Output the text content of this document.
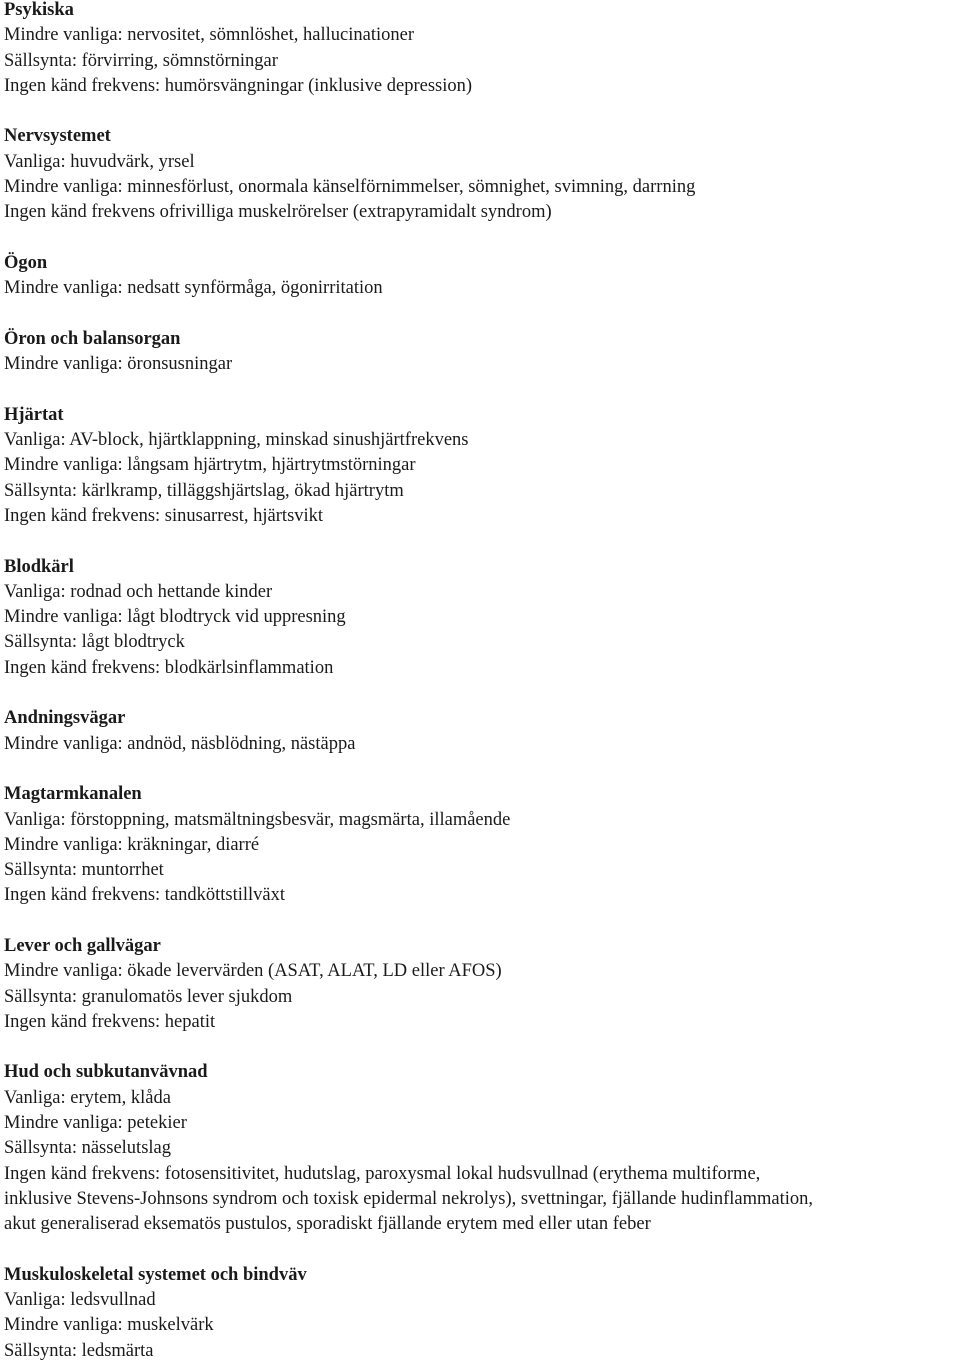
Psykiska
Mindre vanliga: nervositet, sömnlöshet, hallucinationer
Sällsynta: förvirring, sömnstörningar
Ingen känd frekvens: humörsvängningar (inklusive depression)
Nervsystemet
Vanliga: huvudvärk, yrsel
Mindre vanliga: minnesförlust, onormala känselförnimmelser, sömnighet, svimning, darrning
Ingen känd frekvens ofrivilliga muskelrörelser (extrapyramidalt syndrom)
Ögon
Mindre vanliga: nedsatt synförmåga, ögonirritation
Öron och balansorgan
Mindre vanliga: öronsusningar
Hjärtat
Vanliga: AV-block, hjärtklappning, minskad sinushjärtfrekvens
Mindre vanliga: långsam hjärtrytm, hjärtrytmstörningar
Sällsynta: kärlkramp, tilläggshjärtslag, ökad hjärtrytm
Ingen känd frekvens: sinusarrest, hjärtsvikt
Blodkärl
Vanliga: rodnad och hettande kinder
Mindre vanliga: lågt blodtryck vid uppresning
Sällsynta: lågt blodtryck
Ingen känd frekvens: blodkärlsinflammation
Andningsvägar
Mindre vanliga: andnöd, näsblödning, nästäppa
Magtarmkanalen
Vanliga: förstoppning, matsmältningsbesvär, magsmärta, illamående
Mindre vanliga: kräkningar, diarré
Sällsynta: muntorrhet
Ingen känd frekvens: tandköttstillväxt
Lever och gallvägar
Mindre vanliga: ökade levervärden (ASAT, ALAT, LD eller AFOS)
Sällsynta: granulomatös lever sjukdom
Ingen känd frekvens: hepatit
Hud och subkutanvävnad
Vanliga: erytem, klåda
Mindre vanliga: petekier
Sällsynta: nässelutslag
Ingen känd frekvens: fotosensitivitet, hudutslag, paroxysmal lokal hudsvullnad (erythema multiforme,
inklusive Stevens-Johnsons syndrom och toxisk epidermal nekrolys), svettningar, fjällande hudinflammation,
akut generaliserad eksematös pustulos, sporadiskt fjällande erytem med eller utan feber
Muskuloskeletal systemet och bindväv
Vanliga: ledsvullnad
Mindre vanliga: muskelvärk
Sällsynta: ledsmärta
